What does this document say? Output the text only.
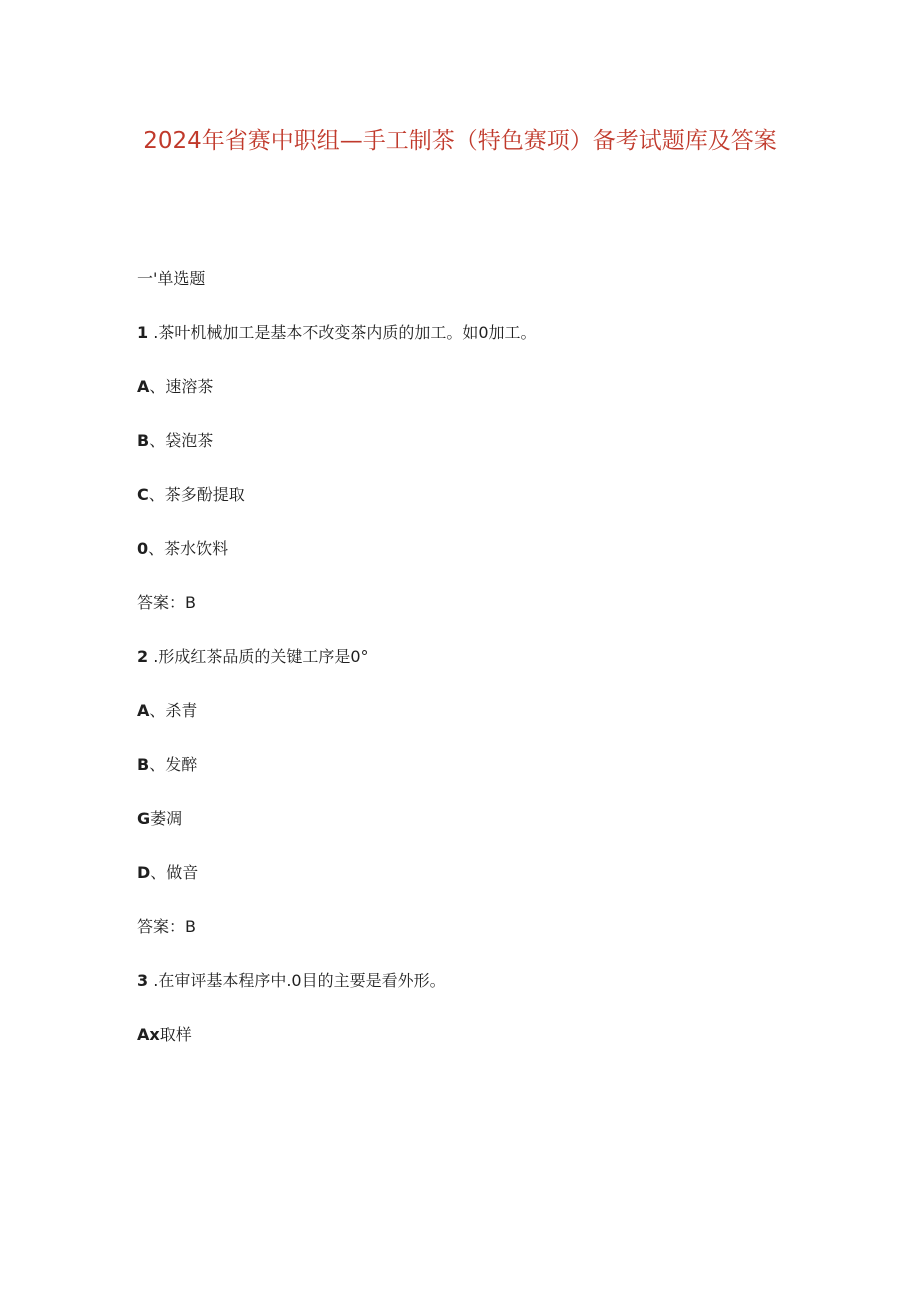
2024年省赛中职组—手工制茶（特色赛项）备考试题库及答案
一'单选题
1 .茶叶机械加工是基本不改变茶内质的加工。如0加工。
A、速溶茶
B、袋泡茶
C、茶多酚提取
0、茶水饮料
答案：B
2 .形成红茶品质的关键工序是0°
A、杀青
B、发醉
G萎凋
D、做音
答案：B
3 .在审评基本程序中.0目的主要是看外形。
Ax取样
